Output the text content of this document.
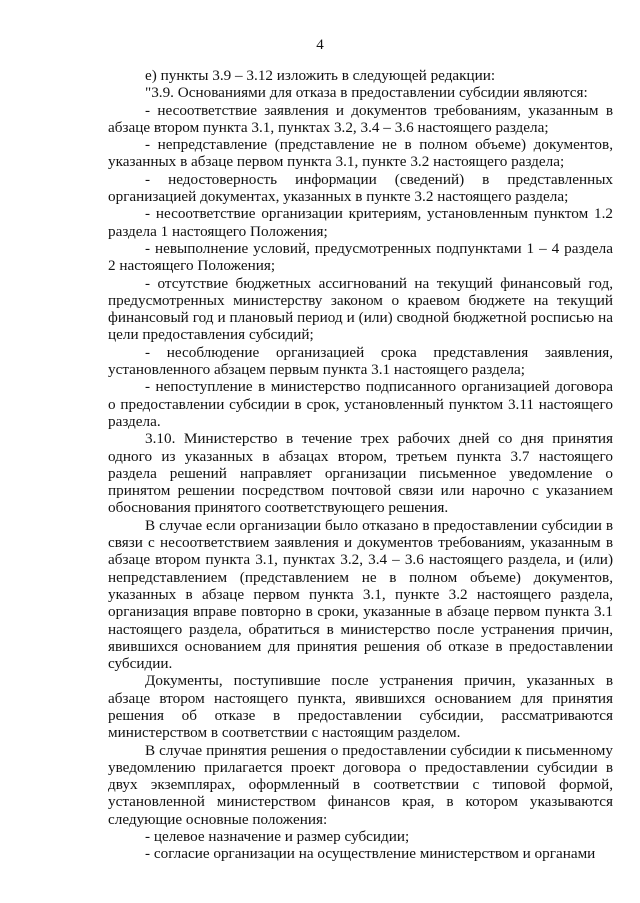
4

е) пункты 3.9 – 3.12 изложить в следующей редакции:

"3.9. Основаниями для отказа в предоставлении субсидии являются:

- несоответствие заявления и документов требованиям, указанным в абзаце втором пункта 3.1, пунктах 3.2, 3.4 – 3.6 настоящего раздела;

- непредставление (представление не в полном объеме) документов, указанных в абзаце первом пункта 3.1, пункте 3.2 настоящего раздела;

- недостоверность информации (сведений) в представленных организацией документах, указанных в пункте 3.2 настоящего раздела;

- несоответствие организации критериям, установленным пунктом 1.2 раздела 1 настоящего Положения;

- невыполнение условий, предусмотренных подпунктами 1 – 4 раздела 2 настоящего Положения;

- отсутствие бюджетных ассигнований на текущий финансовый год, предусмотренных министерству законом о краевом бюджете на текущий финансовый год и плановый период и (или) сводной бюджетной росписью на цели предоставления субсидий;

- несоблюдение организацией срока представления заявления, установленного абзацем первым пункта 3.1 настоящего раздела;

- непоступление в министерство подписанного организацией договора о предоставлении субсидии в срок, установленный пунктом 3.11 настоящего раздела.

3.10. Министерство в течение трех рабочих дней со дня принятия одного из указанных в абзацах втором, третьем пункта 3.7 настоящего раздела решений направляет организации письменное уведомление о принятом решении посредством почтовой связи или нарочно с указанием обоснования принятого соответствующего решения.

В случае если организации было отказано в предоставлении субсидии в связи с несоответствием заявления и документов требованиям, указанным в абзаце втором пункта 3.1, пунктах 3.2, 3.4 – 3.6 настоящего раздела, и (или) непредставлением (представлением не в полном объеме) документов, указанных в абзаце первом пункта 3.1, пункте 3.2 настоящего раздела, организация вправе повторно в сроки, указанные в абзаце первом пункта 3.1 настоящего раздела, обратиться в министерство после устранения причин, явившихся основанием для принятия решения об отказе в предоставлении субсидии.

Документы, поступившие после устранения причин, указанных в абзаце втором настоящего пункта, явившихся основанием для принятия решения об отказе в предоставлении субсидии, рассматриваются министерством в соответствии с настоящим разделом.

В случае принятия решения о предоставлении субсидии к письменному уведомлению прилагается проект договора о предоставлении субсидии в двух экземплярах, оформленный в соответствии с типовой формой, установленной министерством финансов края, в котором указываются следующие основные положения:

- целевое назначение и размер субсидии;

- согласие организации на осуществление министерством и органами
